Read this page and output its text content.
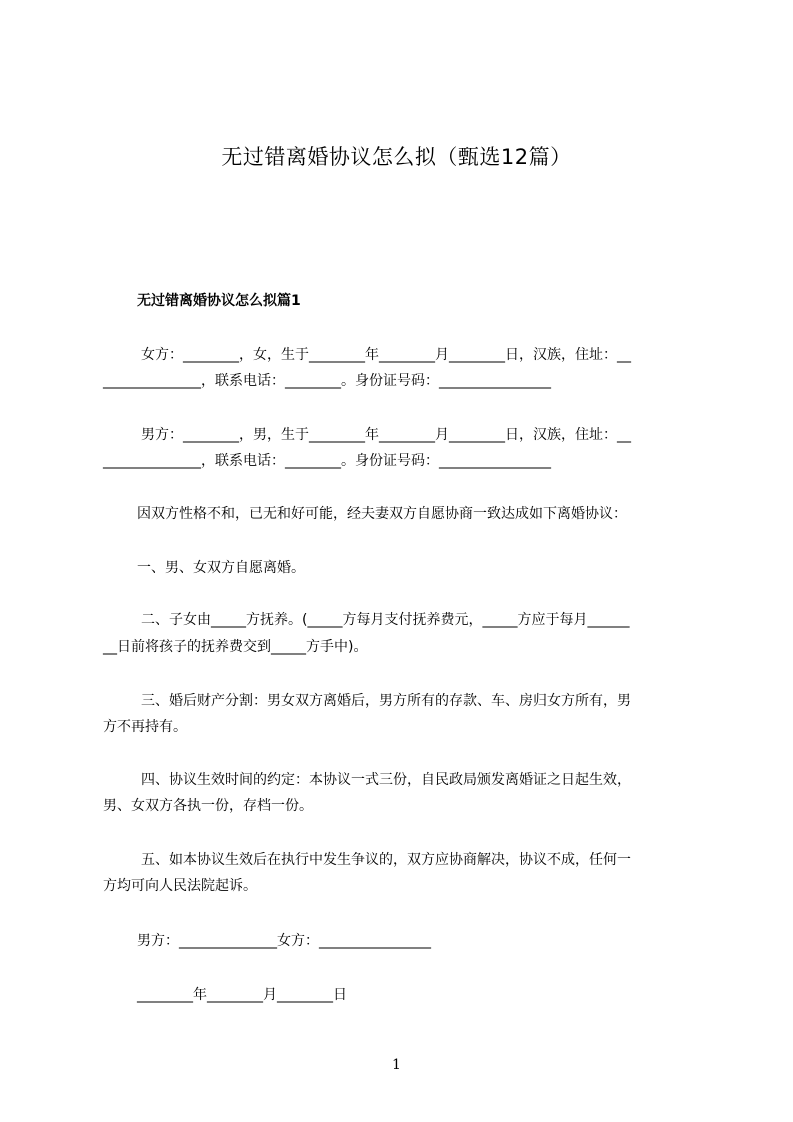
无过错离婚协议怎么拟（甄选12篇）
无过错离婚协议怎么拟篇1
女方：________，女，生于________年________月________日，汉族，住址：__
______________，联系电话：________。身份证号码：________________
男方：________，男，生于________年________月________日，汉族，住址：__
______________，联系电话：________。身份证号码：________________
因双方性格不和，已无和好可能，经夫妻双方自愿协商一致达成如下离婚协议：
一、男、女双方自愿离婚。
二、子女由_____方抚养。(_____方每月支付抚养费元，_____方应于每月______
__日前将孩子的抚养费交到_____方手中)。
三、婚后财产分割：男女双方离婚后，男方所有的存款、车、房归女方所有，男
方不再持有。
四、协议生效时间的约定：本协议一式三份，自民政局颁发离婚证之日起生效，
男、女双方各执一份，存档一份。
五、如本协议生效后在执行中发生争议的，双方应协商解决，协议不成，任何一
方均可向人民法院起诉。
男方：______________女方：________________
________年________月________日
1
